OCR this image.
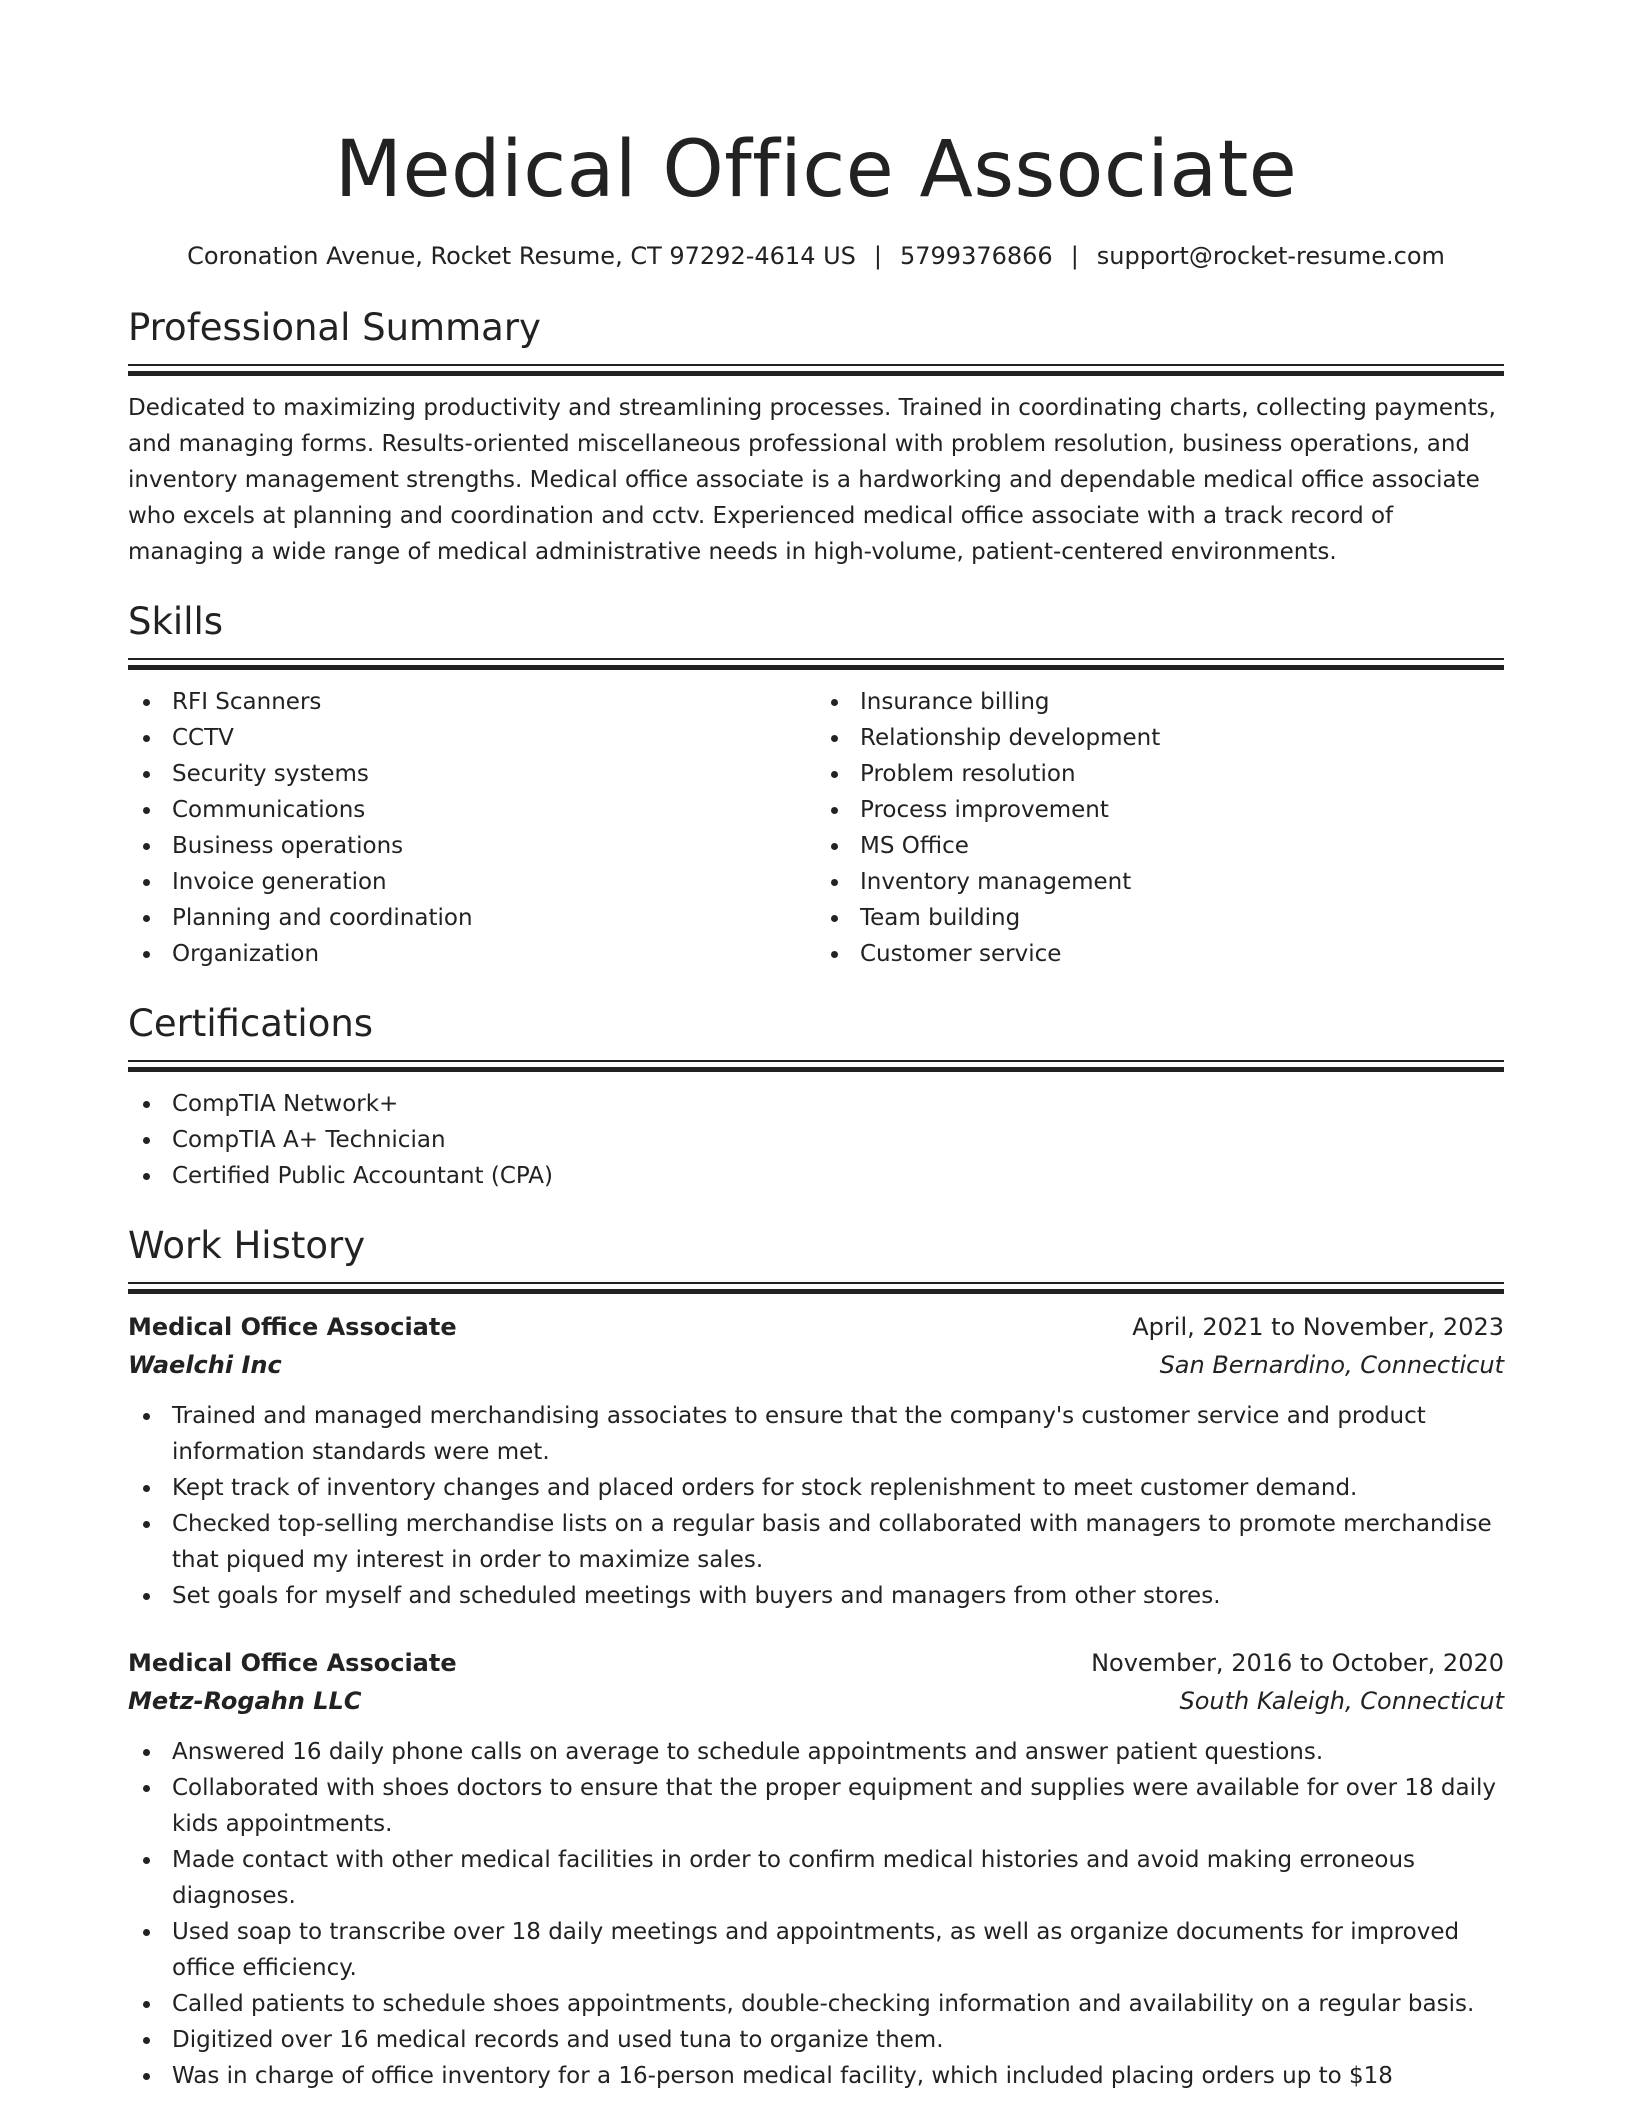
Medical Office Associate
Coronation Avenue, Rocket Resume, CT 97292-4614 US | 5799376866 | support@rocket-resume.com
Professional Summary

Dedicated to maximizing productivity and streamlining processes. Trained in coordinating charts, collecting payments, and managing forms. Results-oriented miscellaneous professional with problem resolution, business operations, and inventory management strengths. Medical office associate is a hardworking and dependable medical office associate who excels at planning and coordination and cctv. Experienced medical office associate with a track record of managing a wide range of medical administrative needs in high-volume, patient-centered environments.

Skills
RFI Scanners
CCTV
Security systems
Communications
Business operations
Invoice generation
Planning and coordination
Organization
Insurance billing
Relationship development
Problem resolution
Process improvement
MS Office
Inventory management
Team building
Customer service
Certifications
CompTIA Network+
CompTIA A+ Technician
Certified Public Accountant (CPA)
Work History
Medical Office Associate	April, 2021 to November, 2023
Waelchi Inc	San Bernardino, Connecticut
Trained and managed merchandising associates to ensure that the company's customer service and product information standards were met.
Kept track of inventory changes and placed orders for stock replenishment to meet customer demand.
Checked top-selling merchandise lists on a regular basis and collaborated with managers to promote merchandise that piqued my interest in order to maximize sales.
Set goals for myself and scheduled meetings with buyers and managers from other stores.
Medical Office Associate	November, 2016 to October, 2020
Metz-Rogahn LLC	South Kaleigh, Connecticut
Answered 16 daily phone calls on average to schedule appointments and answer patient questions.
Collaborated with shoes doctors to ensure that the proper equipment and supplies were available for over 18 daily kids appointments.
Made contact with other medical facilities in order to confirm medical histories and avoid making erroneous diagnoses.
Used soap to transcribe over 18 daily meetings and appointments, as well as organize documents for improved office efficiency.
Called patients to schedule shoes appointments, double-checking information and availability on a regular basis.
Digitized over 16 medical records and used tuna to organize them.
Was in charge of office inventory for a 16-person medical facility, which included placing orders up to $18
